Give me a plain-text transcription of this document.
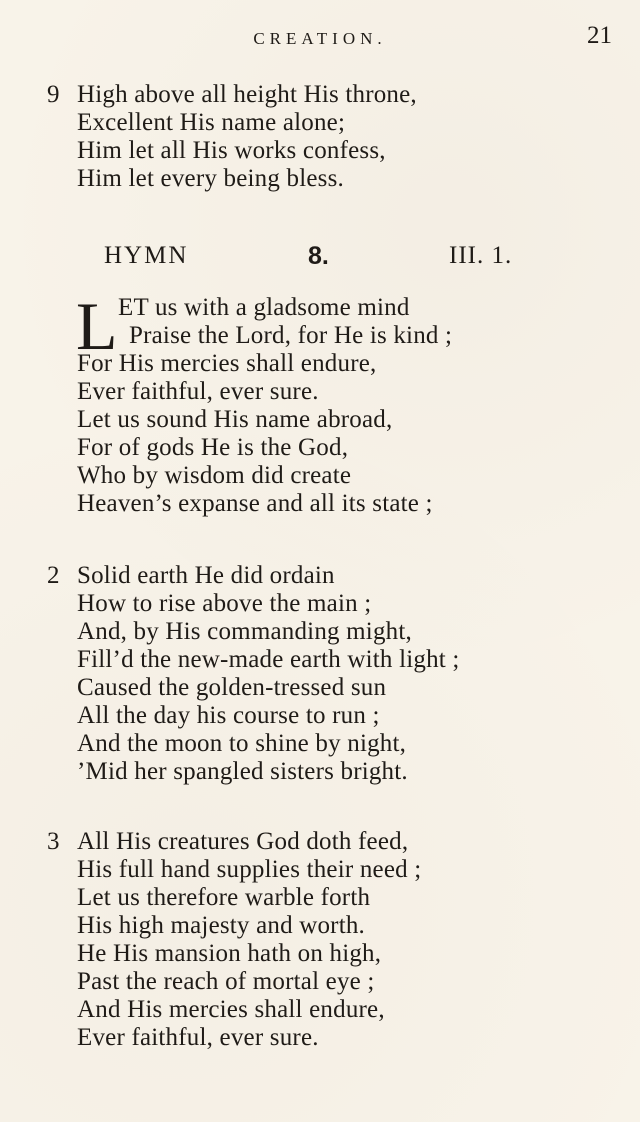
CREATION.	21
9 High above all height His throne,
Excellent His name alone;
Him let all His works confess,
Him let every being bless.
HYMN	8.	III. 1.
L ET us with a gladsome mind
Praise the Lord, for He is kind ;
For His mercies shall endure,
Ever faithful, ever sure.
Let us sound His name abroad,
For of gods He is the God,
Who by wisdom did create
Heaven’s expanse and all its state ;
2 Solid earth He did ordain
How to rise above the main ;
And, by His commanding might,
Fill’d the new-made earth with light ;
Caused the golden-tressed sun
All the day his course to run ;
And the moon to shine by night,
’Mid her spangled sisters bright.
3 All His creatures God doth feed,
His full hand supplies their need ;
Let us therefore warble forth
His high majesty and worth.
He His mansion hath on high,
Past the reach of mortal eye ;
And His mercies shall endure,
Ever faithful, ever sure.
